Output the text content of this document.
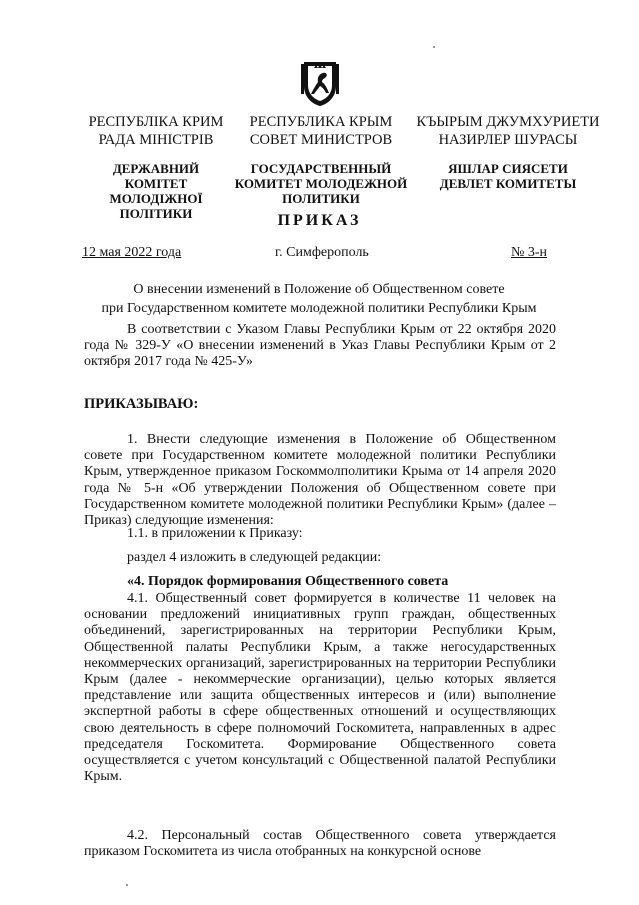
РЕСПУБЛІКА КРИМ
РАДА МІНІСТРІВ
ДЕРЖАВНИЙ КОМІТЕТ
МОЛОДІЖНОЇ
ПОЛІТИКИ
РЕСПУБЛИКА КРЫМ
СОВЕТ МИНИСТРОВ
ГОСУДАРСТВЕННЫЙ
КОМИТЕТ МОЛОДЕЖНОЙ
ПОЛИТИКИ
КЪЫРЫМ ДЖУМХУРИЕТИ
НАЗИРЛЕР ШУРАСЫ
ЯШЛАР СИЯСЕТИ
ДЕВЛЕТ КОМИТЕТЫ
ПРИКАЗ
12 мая 2022 года	г. Симферополь	№ 3-н
О внесении изменений в Положение об Общественном совете
при Государственном комитете молодежной политики Республики Крым
В соответствии с Указом Главы Республики Крым от 22 октября 2020 года № 329-У «О внесении изменений в Указ Главы Республики Крым от 2 октября 2017 года № 425-У»
ПРИКАЗЫВАЮ:
1. Внести следующие изменения в Положение об Общественном совете при Государственном комитете молодежной политики Республики Крым, утвержденное приказом Госкоммолполитики Крыма от 14 апреля 2020 года № 5-н «Об утверждении Положения об Общественном совете при Государственном комитете молодежной политики Республики Крым» (далее – Приказ) следующие изменения:
1.1. в приложении к Приказу:
раздел 4 изложить в следующей редакции:
«4. Порядок формирования Общественного совета
4.1. Общественный совет формируется в количестве 11 человек на основании предложений инициативных групп граждан, общественных объединений, зарегистрированных на территории Республики Крым, Общественной палаты Республики Крым, а также негосударственных некоммерческих организаций, зарегистрированных на территории Республики Крым (далее - некоммерческие организации), целью которых является представление или защита общественных интересов и (или) выполнение экспертной работы в сфере общественных отношений и осуществляющих свою деятельность в сфере полномочий Госкомитета, направленных в адрес председателя Госкомитета. Формирование Общественного совета осуществляется с учетом консультаций с Общественной палатой Республики Крым.
4.2. Персональный состав Общественного совета утверждается приказом Госкомитета из числа отобранных на конкурсной основе
